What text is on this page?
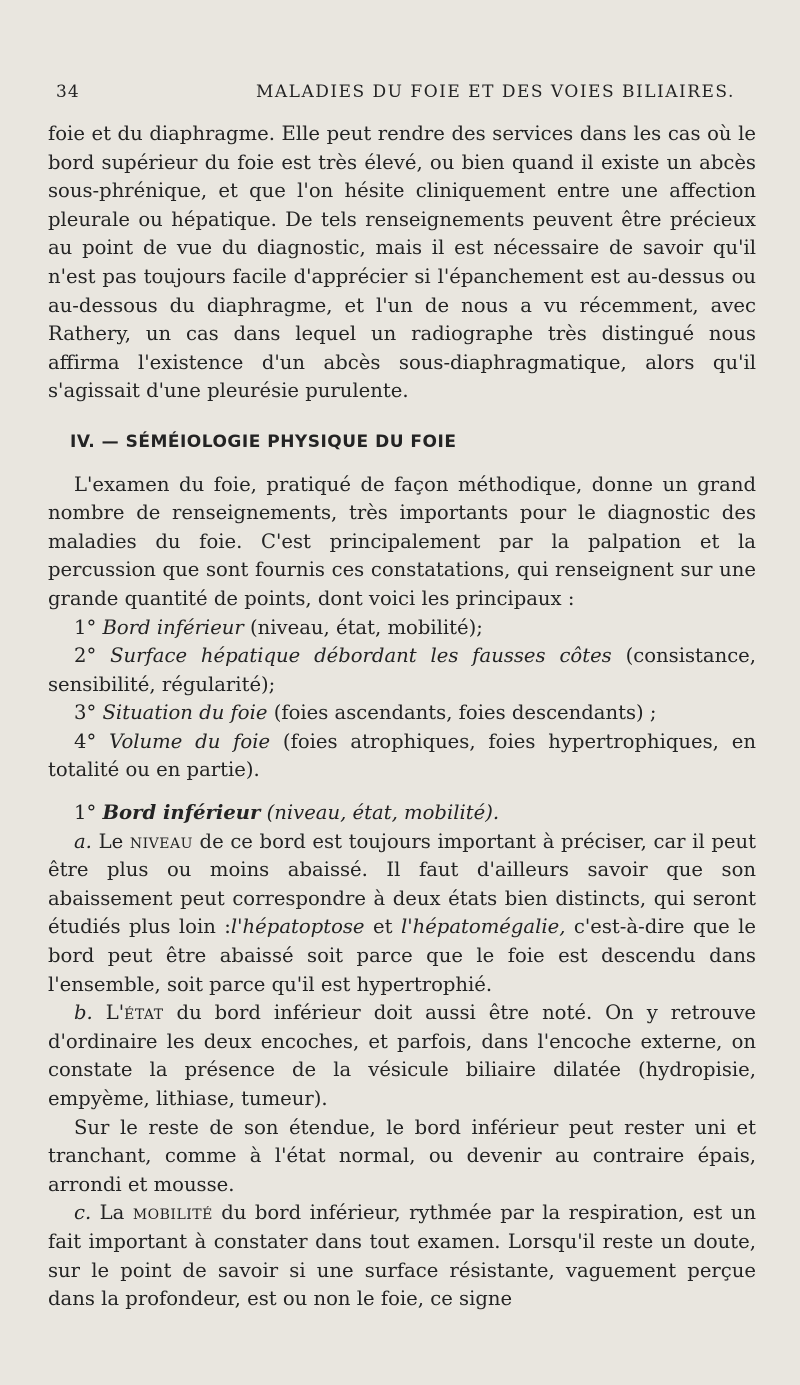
34	MALADIES DU FOIE ET DES VOIES BILIAIRES.

foie et du diaphragme. Elle peut rendre des services dans les cas où le bord supérieur du foie est très élevé, ou bien quand il existe un abcès sous-phrénique, et que l'on hésite cliniquement entre une affection pleurale ou hépatique. De tels renseignements peuvent être précieux au point de vue du diagnostic, mais il est nécessaire de savoir qu'il n'est pas toujours facile d'apprécier si l'épanchement est au-dessus ou au-dessous du diaphragme, et l'un de nous a vu récemment, avec Rathery, un cas dans lequel un radiographe très distingué nous affirma l'existence d'un abcès sous-diaphragmatique, alors qu'il s'agissait d'une pleurésie purulente.

IV. — SÉMÉIOLOGIE PHYSIQUE DU FOIE

L'examen du foie, pratiqué de façon méthodique, donne un grand nombre de renseignements, très importants pour le diagnostic des maladies du foie. C'est principalement par la palpation et la percussion que sont fournis ces constatations, qui renseignent sur une grande quantité de points, dont voici les principaux :

1° Bord inférieur (niveau, état, mobilité);

2° Surface hépatique débordant les fausses côtes (consistance, sensibilité, régularité);

3° Situation du foie (foies ascendants, foies descendants) ;

4° Volume du foie (foies atrophiques, foies hypertrophiques, en totalité ou en partie).

1° Bord inférieur (niveau, état, mobilité).

a. Le niveau de ce bord est toujours important à préciser, car il peut être plus ou moins abaissé. Il faut d'ailleurs savoir que son abaissement peut correspondre à deux états bien distincts, qui seront étudiés plus loin :l'hépatoptose et l'hépatomégalie, c'est-à-dire que le bord peut être abaissé soit parce que le foie est descendu dans l'ensemble, soit parce qu'il est hypertrophié.

b. L'état du bord inférieur doit aussi être noté. On y retrouve d'ordinaire les deux encoches, et parfois, dans l'encoche externe, on constate la présence de la vésicule biliaire dilatée (hydropisie, empyème, lithiase, tumeur).

Sur le reste de son étendue, le bord inférieur peut rester uni et tranchant, comme à l'état normal, ou devenir au contraire épais, arrondi et mousse.

c. La mobilité du bord inférieur, rythmée par la respiration, est un fait important à constater dans tout examen. Lorsqu'il reste un doute, sur le point de savoir si une surface résistante, vaguement perçue dans la profondeur, est ou non le foie, ce signe
